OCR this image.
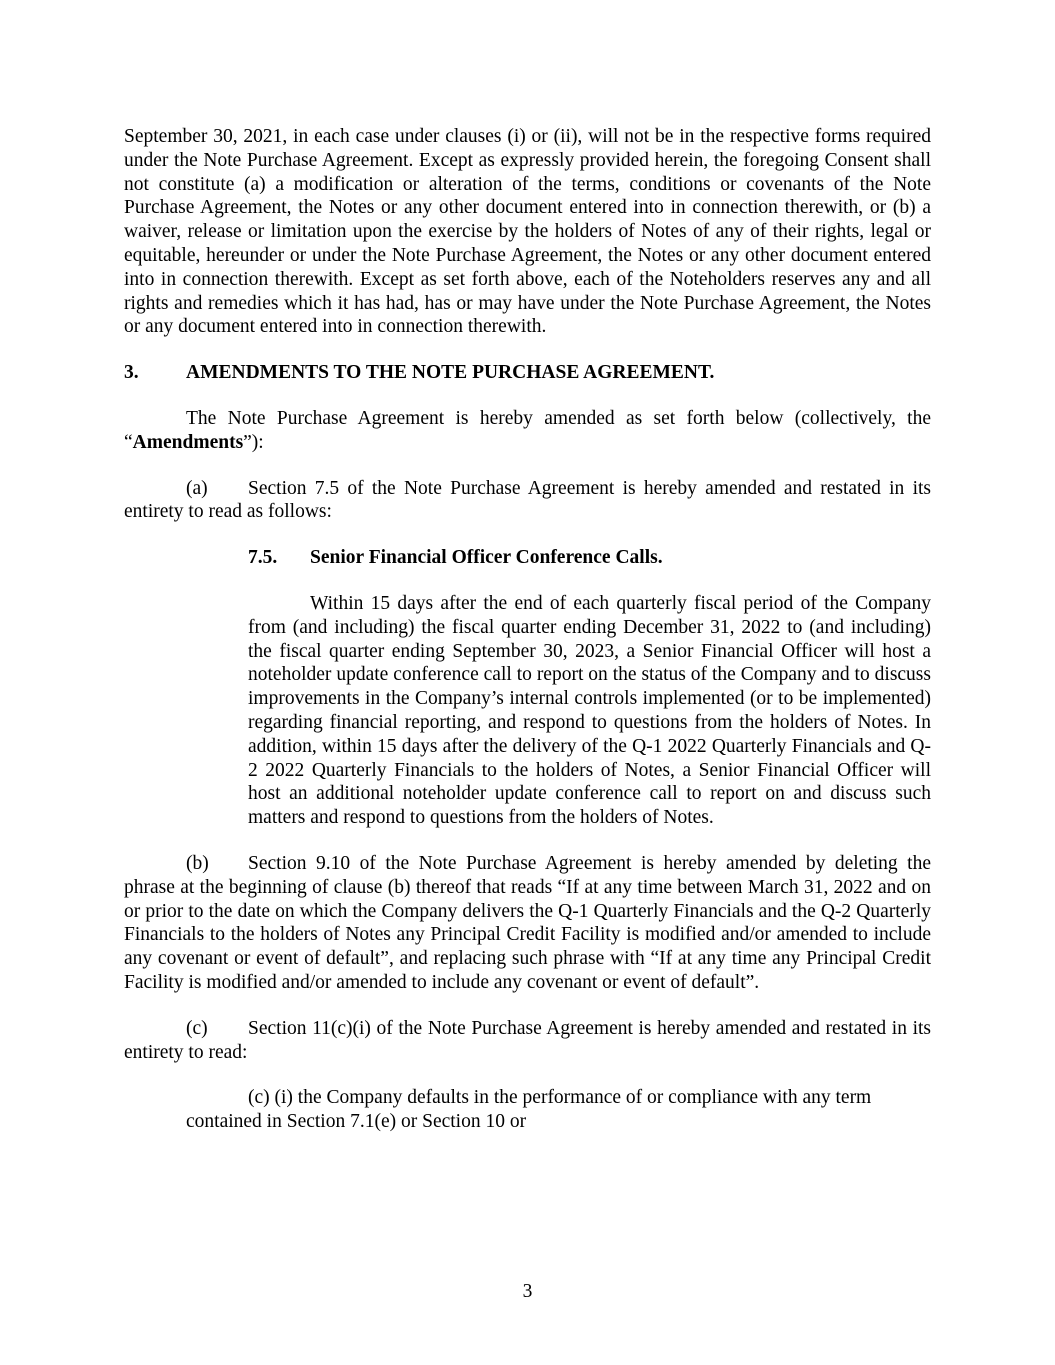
September 30, 2021, in each case under clauses (i) or (ii), will not be in the respective forms required under the Note Purchase Agreement. Except as expressly provided herein, the foregoing Consent shall not constitute (a) a modification or alteration of the terms, conditions or covenants of the Note Purchase Agreement, the Notes or any other document entered into in connection therewith, or (b) a waiver, release or limitation upon the exercise by the holders of Notes of any of their rights, legal or equitable, hereunder or under the Note Purchase Agreement, the Notes or any other document entered into in connection therewith. Except as set forth above, each of the Noteholders reserves any and all rights and remedies which it has had, has or may have under the Note Purchase Agreement, the Notes or any document entered into in connection therewith.

3. AMENDMENTS TO THE NOTE PURCHASE AGREEMENT.

The Note Purchase Agreement is hereby amended as set forth below (collectively, the “Amendments”):

(a) Section 7.5 of the Note Purchase Agreement is hereby amended and restated in its entirety to read as follows:

7.5. Senior Financial Officer Conference Calls.

Within 15 days after the end of each quarterly fiscal period of the Company from (and including) the fiscal quarter ending December 31, 2022 to (and including) the fiscal quarter ending September 30, 2023, a Senior Financial Officer will host a noteholder update conference call to report on the status of the Company and to discuss improvements in the Company’s internal controls implemented (or to be implemented) regarding financial reporting, and respond to questions from the holders of Notes. In addition, within 15 days after the delivery of the Q-1 2022 Quarterly Financials and Q-2 2022 Quarterly Financials to the holders of Notes, a Senior Financial Officer will host an additional noteholder update conference call to report on and discuss such matters and respond to questions from the holders of Notes.

(b) Section 9.10 of the Note Purchase Agreement is hereby amended by deleting the phrase at the beginning of clause (b) thereof that reads “If at any time between March 31, 2022 and on or prior to the date on which the Company delivers the Q-1 Quarterly Financials and the Q-2 Quarterly Financials to the holders of Notes any Principal Credit Facility is modified and/or amended to include any covenant or event of default”, and replacing such phrase with “If at any time any Principal Credit Facility is modified and/or amended to include any covenant or event of default”.

(c) Section 11(c)(i) of the Note Purchase Agreement is hereby amended and restated in its entirety to read:

(c) (i) the Company defaults in the performance of or compliance with any term
contained in Section 7.1(e) or Section 10 or
3
